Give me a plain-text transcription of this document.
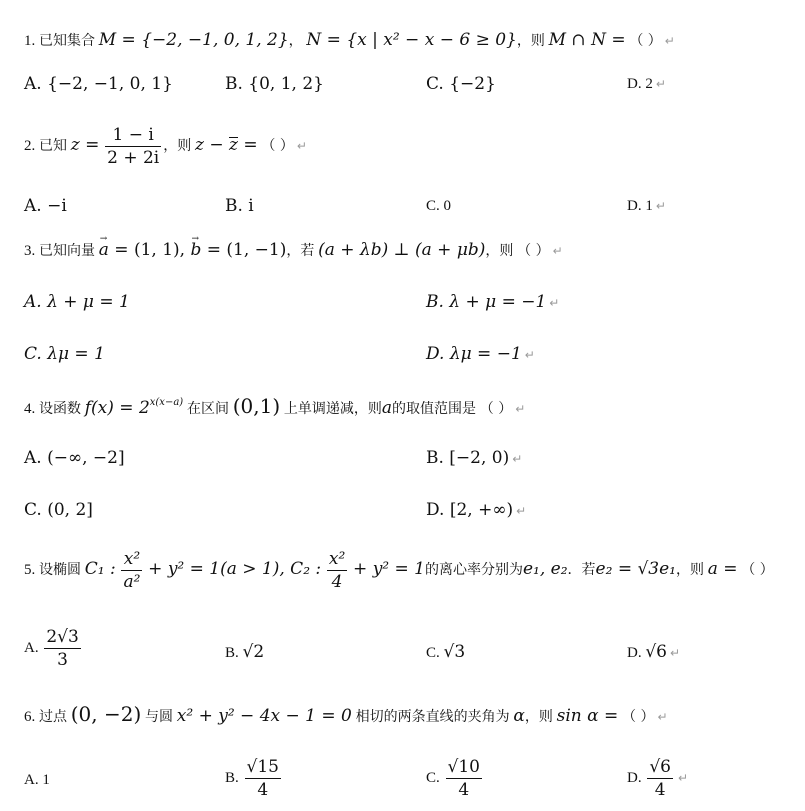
1. 已知集合 M = {−2, −1, 0, 1, 2}， N = {x | x² − x − 6 ≥ 0}，则 M ∩ N = （ ） ↵
A. {−2, −1, 0, 1}	B. {0, 1, 2}	C. {−2}	D. 2 ↵
2. 已知 $z = \frac{1 - i}{2 + 2i}$ ，则 z − z = （ ） ↵
A. −i	B. i	C. 0	D. 1 ↵
3. 已知向量 a → = (1, 1), b → = (1, −1)，若 (a + λb) ⊥ (a + μb)，则 （ ） ↵
A. λ + μ = 1	B. λ + μ = −1 ↵
C. λμ = 1	D. λμ = −1 ↵
4. 设函数 $f(x) = 2^{x(x-a)}$ 在区间 (0,1) 上单调递减，则a的取值范围是 （ ） ↵
A. (−∞, −2]	B. [−2, 0) ↵
C. (0, 2]	D. [2, +∞) ↵
5. 设椭圆 C₁ : $\frac{\text{x²}}{\text{a²}} + y^2 = 1(a > 1)$, C₂ : $\frac{\text{x²}}{4} + y^2 = 1$的离心率分别为e₁, e₂．若e₂ = √3e₁，则 a = （ ）
A. $\frac{2√3}{3}$	B. √2	C. √3	D. √6 ↵
6. 过点 (0, −2) 与圆 x² + y² − 4x − 1 = 0 相切的两条直线的夹角为 α，则 sin α = （ ） ↵
A. 1	B. $\frac{√15}{4}$	C. $\frac{√10}{4}$	D. $\frac{√6}{4}$ ↵
